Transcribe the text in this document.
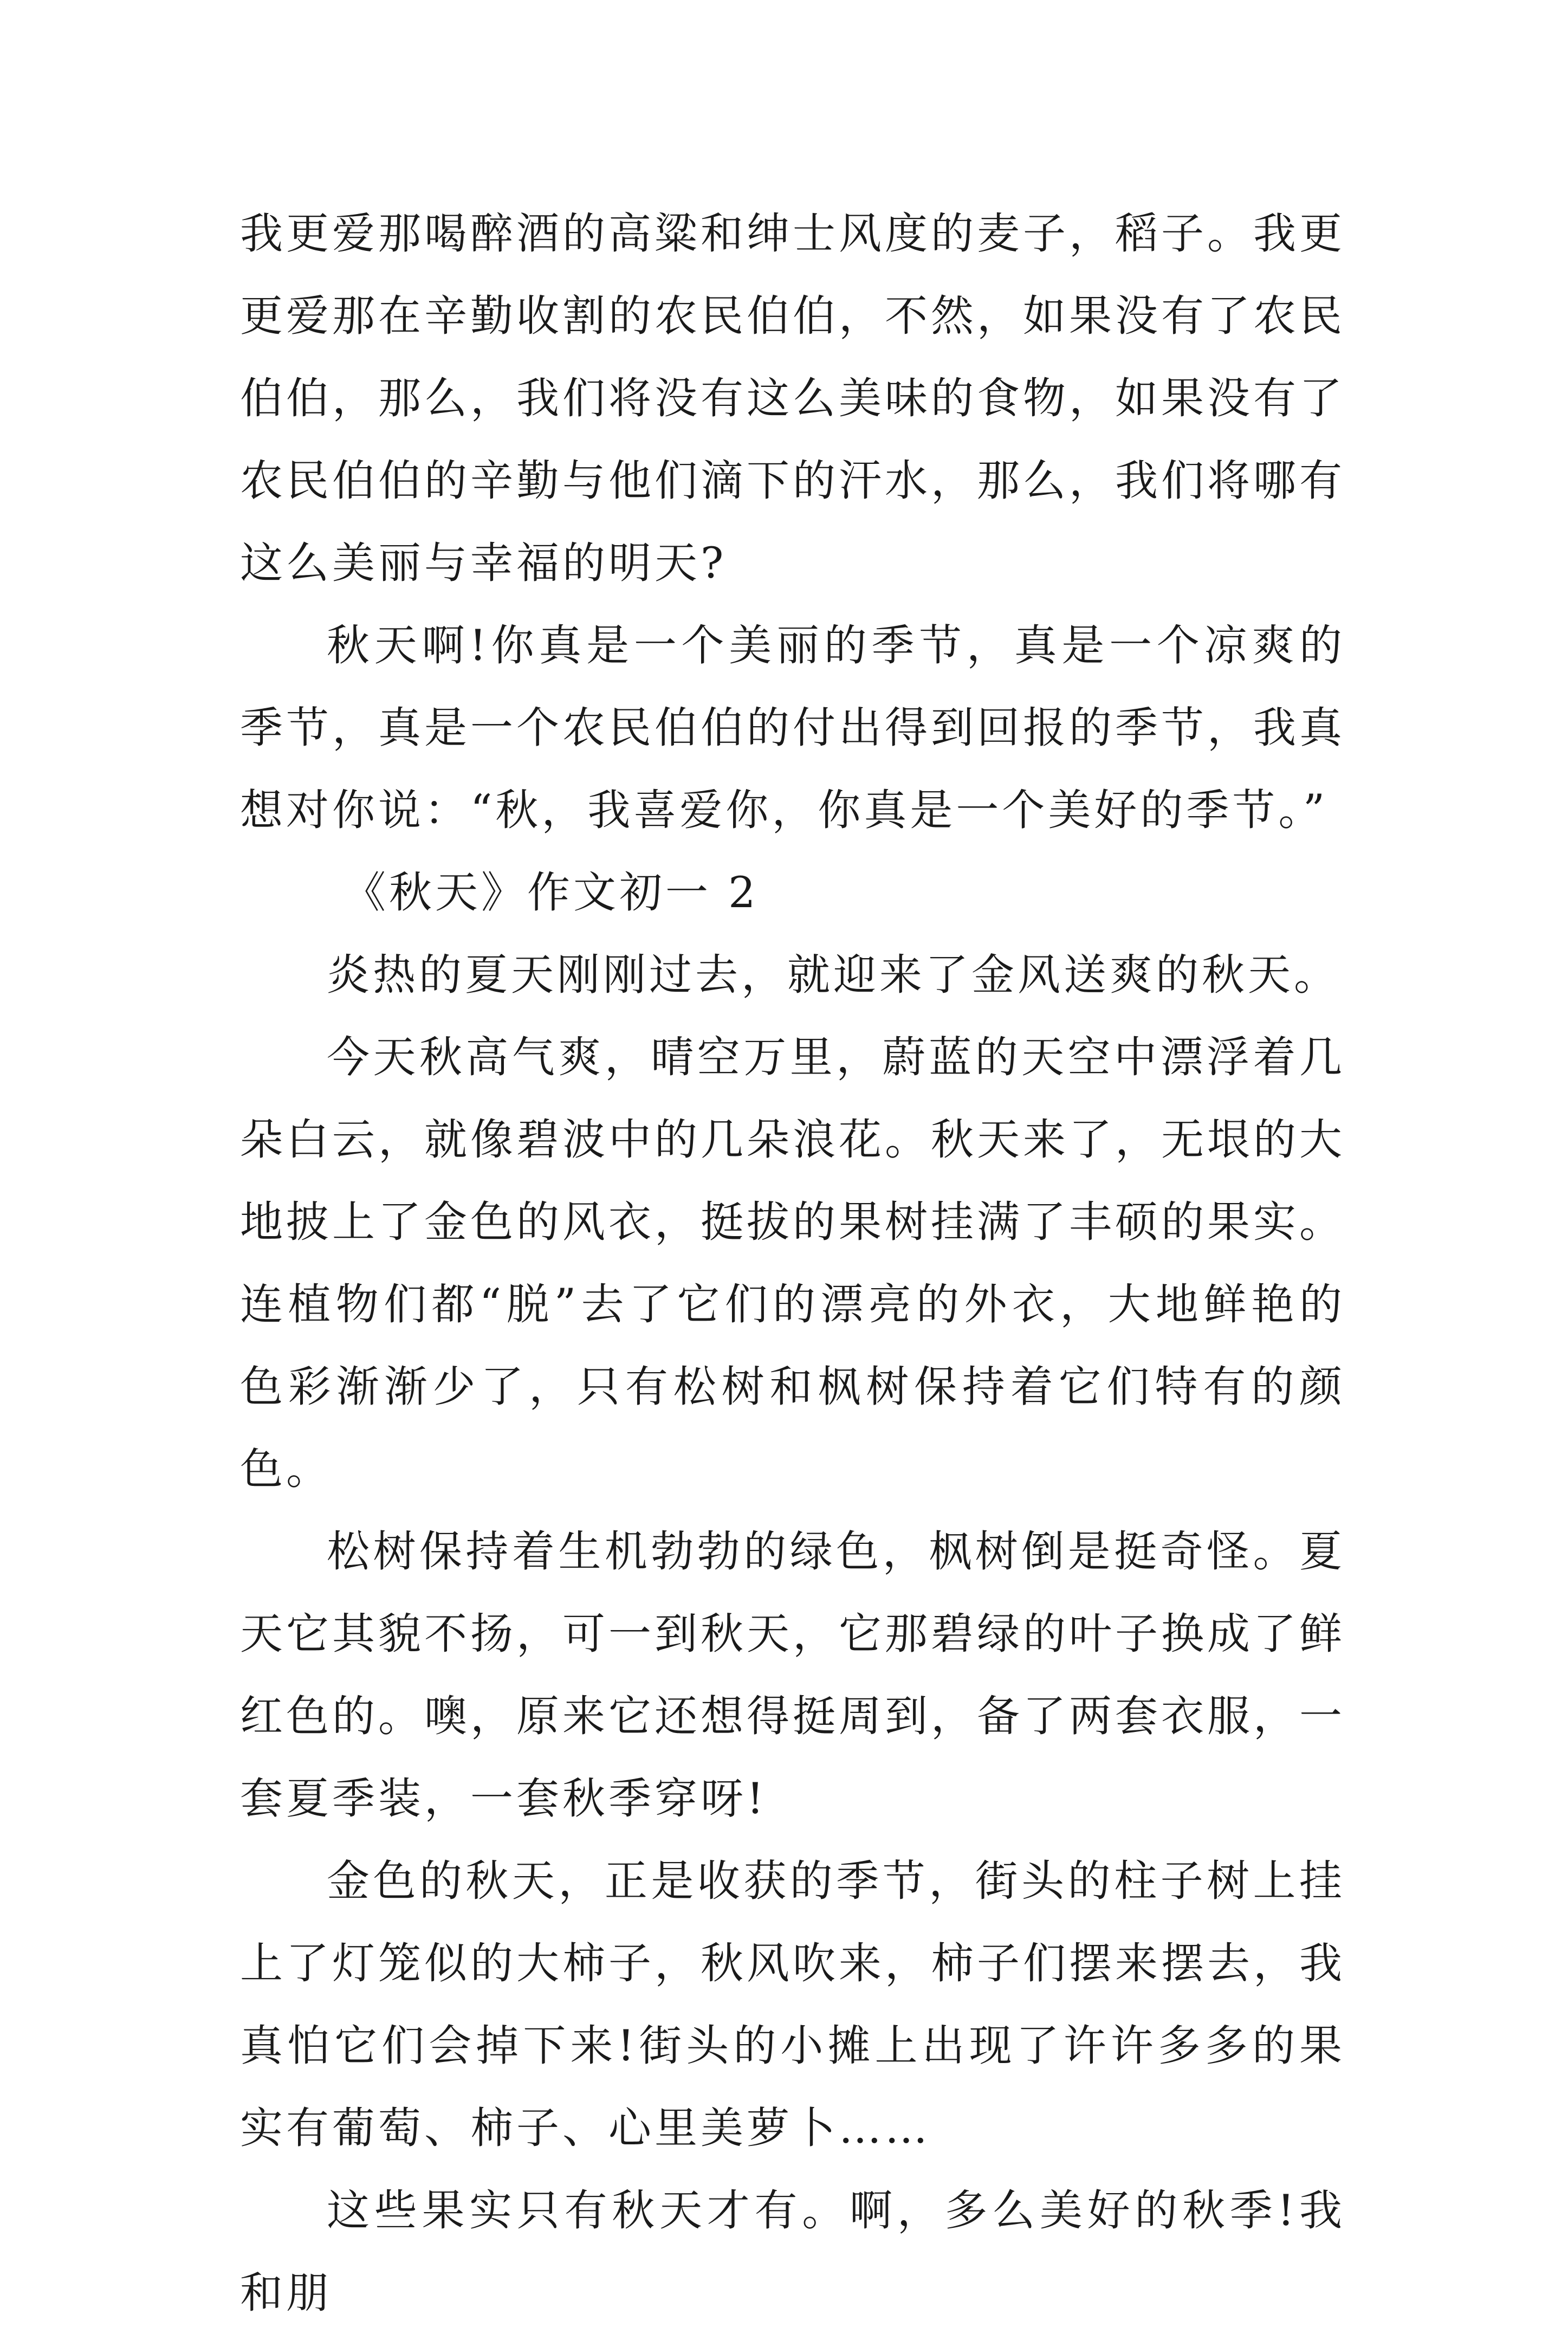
我更爱那喝醉酒的高粱和绅士风度的麦子，稻子。我更更爱那在辛勤收割的农民伯伯，不然，如果没有了农民伯伯，那么，我们将没有这么美味的食物，如果没有了农民伯伯的辛勤与他们滴下的汗水，那么，我们将哪有这么美丽与幸福的明天?

秋天啊!你真是一个美丽的季节，真是一个凉爽的季节，真是一个农民伯伯的付出得到回报的季节，我真想对你说：“秋，我喜爱你，你真是一个美好的季节。”

《秋天》作文初一 2

炎热的夏天刚刚过去，就迎来了金风送爽的秋天。

今天秋高气爽，晴空万里，蔚蓝的天空中漂浮着几朵白云，就像碧波中的几朵浪花。秋天来了，无垠的大地披上了金色的风衣，挺拔的果树挂满了丰硕的果实。连植物们都“脱”去了它们的漂亮的外衣，大地鲜艳的色彩渐渐少了，只有松树和枫树保持着它们特有的颜色。

松树保持着生机勃勃的绿色，枫树倒是挺奇怪。夏天它其貌不扬，可一到秋天，它那碧绿的叶子换成了鲜红色的。噢，原来它还想得挺周到，备了两套衣服，一套夏季装，一套秋季穿呀!

金色的秋天，正是收获的季节，街头的柱子树上挂上了灯笼似的大柿子，秋风吹来，柿子们摆来摆去，我真怕它们会掉下来!街头的小摊上出现了许许多多的果实有葡萄、柿子、心里美萝卜……

这些果实只有秋天才有。啊，多么美好的秋季!我和朋
